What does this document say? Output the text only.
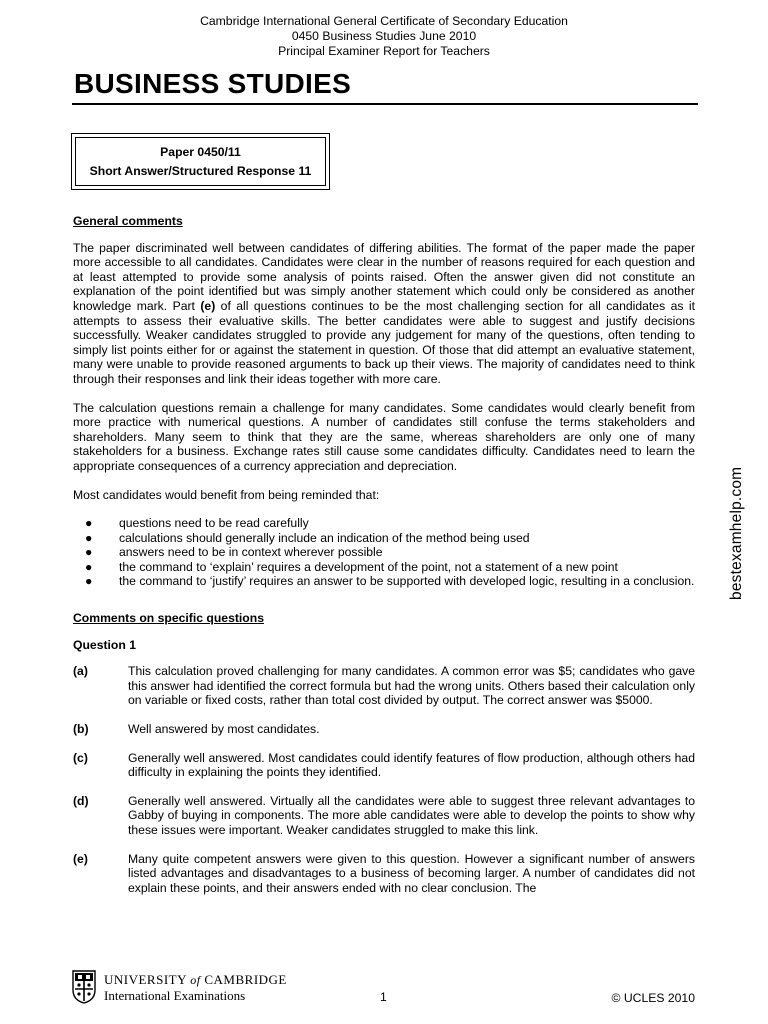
Cambridge International General Certificate of Secondary Education
0450 Business Studies June 2010
Principal Examiner Report for Teachers
BUSINESS STUDIES
Paper 0450/11
Short Answer/Structured Response 11
General comments

The paper discriminated well between candidates of differing abilities. The format of the paper made the paper more accessible to all candidates. Candidates were clear in the number of reasons required for each question and at least attempted to provide some analysis of points raised. Often the answer given did not constitute an explanation of the point identified but was simply another statement which could only be considered as another knowledge mark. Part (e) of all questions continues to be the most challenging section for all candidates as it attempts to assess their evaluative skills. The better candidates were able to suggest and justify decisions successfully. Weaker candidates struggled to provide any judgement for many of the questions, often tending to simply list points either for or against the statement in question. Of those that did attempt an evaluative statement, many were unable to provide reasoned arguments to back up their views. The majority of candidates need to think through their responses and link their ideas together with more care.

The calculation questions remain a challenge for many candidates. Some candidates would clearly benefit from more practice with numerical questions. A number of candidates still confuse the terms stakeholders and shareholders. Many seem to think that they are the same, whereas shareholders are only one of many stakeholders for a business. Exchange rates still cause some candidates difficulty. Candidates need to learn the appropriate consequences of a currency appreciation and depreciation.

Most candidates would benefit from being reminded that:

● questions need to be read carefully
● calculations should generally include an indication of the method being used
● answers need to be in context wherever possible
● the command to ‘explain’ requires a development of the point, not a statement of a new point
● the command to ‘justify’ requires an answer to be supported with developed logic, resulting in a conclusion.
Comments on specific questions
Question 1
(a)	This calculation proved challenging for many candidates. A common error was $5; candidates who gave this answer had identified the correct formula but had the wrong units. Others based their calculation only on variable or fixed costs, rather than total cost divided by output. The correct answer was $5000.
(b)	Well answered by most candidates.
(c)	Generally well answered. Most candidates could identify features of flow production, although others had difficulty in explaining the points they identified.
(d)	Generally well answered. Virtually all the candidates were able to suggest three relevant advantages to Gabby of buying in components. The more able candidates were able to develop the points to show why these issues were important. Weaker candidates struggled to make this link.
(e)	Many quite competent answers were given to this question. However a significant number of answers listed advantages and disadvantages to a business of becoming larger. A number of candidates did not explain these points, and their answers ended with no clear conclusion. The
bestexamhelp.com
UNIVERSITY of CAMBRIDGE
International Examinations	1	© UCLES 2010
